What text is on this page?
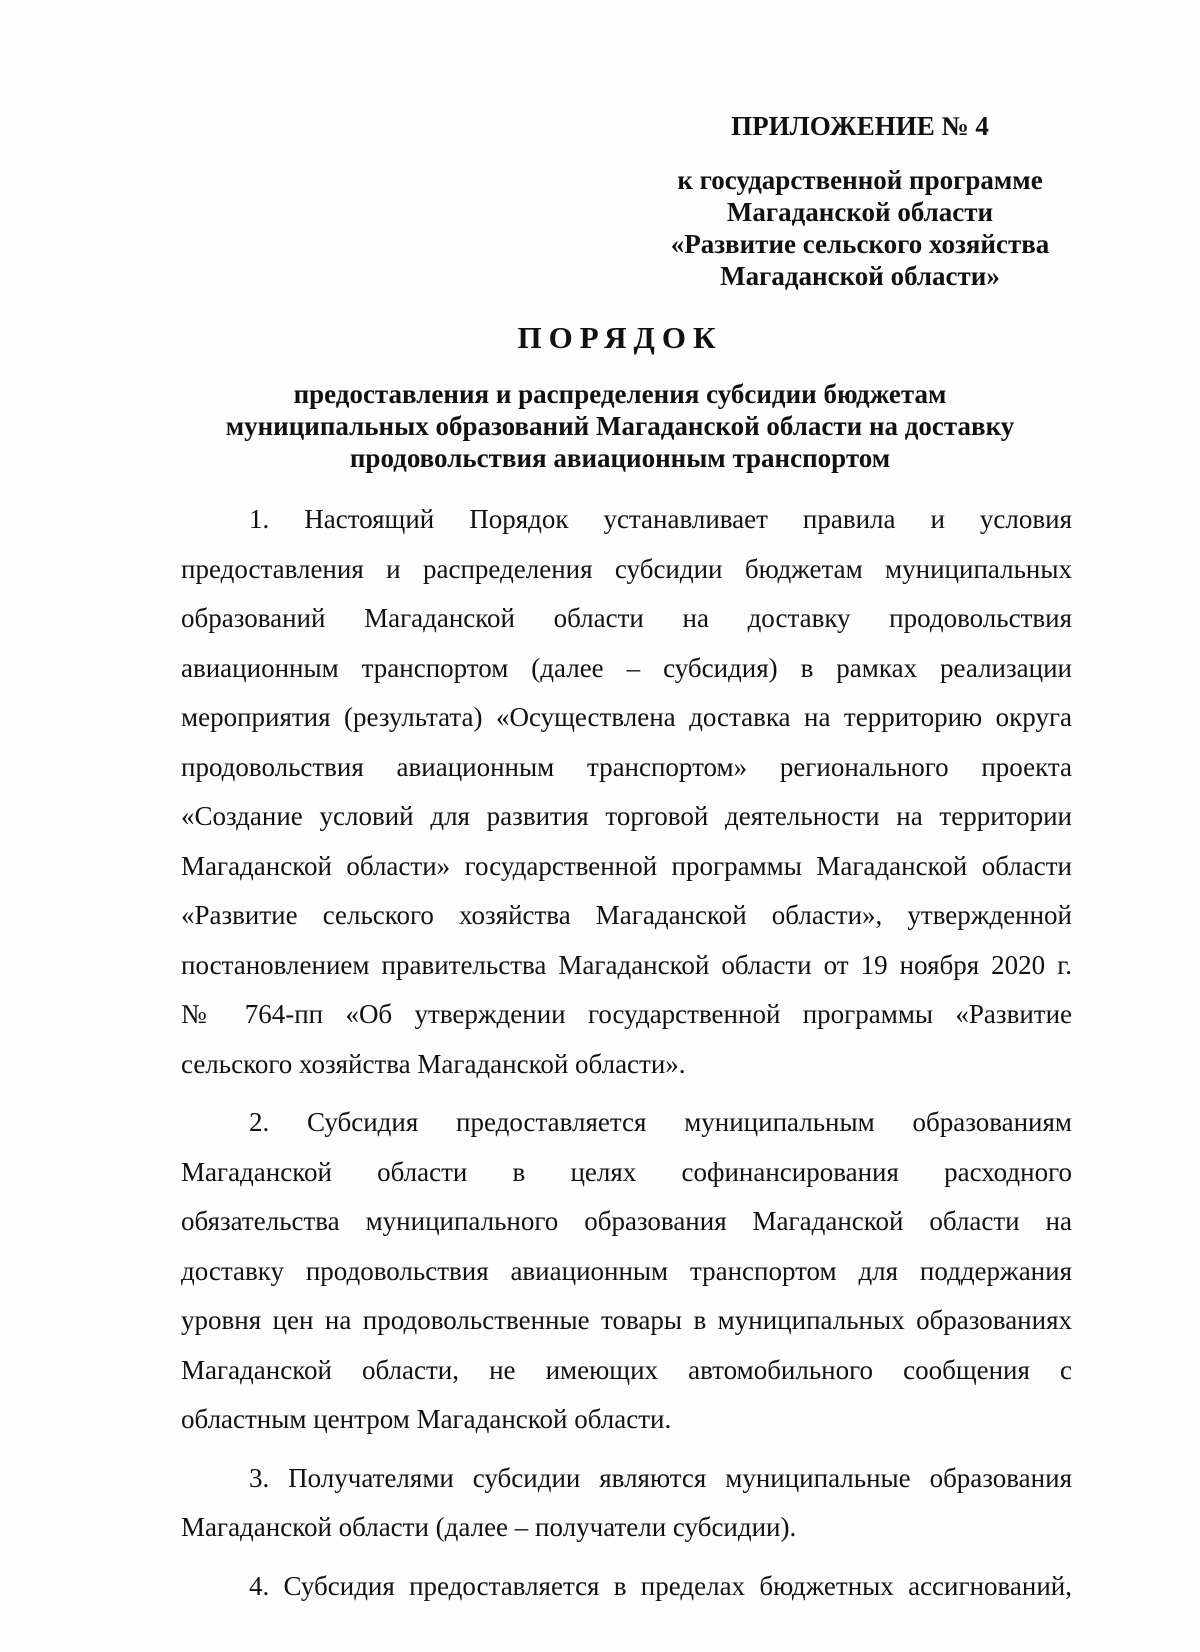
ПРИЛОЖЕНИЕ № 4
к государственной программе
Магаданской области
«Развитие сельского хозяйства
Магаданской области»
ПОРЯДОК
предоставления и распределения субсидии бюджетам
муниципальных образований Магаданской области на доставку
продовольствия авиационным транспортом
1. Настоящий Порядок устанавливает правила и условия
предоставления и распределения субсидии бюджетам муниципальных
образований Магаданской области на доставку продовольствия
авиационным транспортом (далее – субсидия) в рамках реализации
мероприятия (результата) «Осуществлена доставка на территорию округа
продовольствия авиационным транспортом» регионального проекта
«Создание условий для развития торговой деятельности на территории
Магаданской области» государственной программы Магаданской области
«Развитие сельского хозяйства Магаданской области», утвержденной
постановлением правительства Магаданской области от 19 ноября 2020 г.
№ 764-пп «Об утверждении государственной программы «Развитие
сельского хозяйства Магаданской области».
2. Субсидия предоставляется муниципальным образованиям
Магаданской области в целях софинансирования расходного
обязательства муниципального образования Магаданской области на
доставку продовольствия авиационным транспортом для поддержания
уровня цен на продовольственные товары в муниципальных образованиях
Магаданской области, не имеющих автомобильного сообщения с
областным центром Магаданской области.
3. Получателями субсидии являются муниципальные образования
Магаданской области (далее – получатели субсидии).
4. Субсидия предоставляется в пределах бюджетных ассигнований,
